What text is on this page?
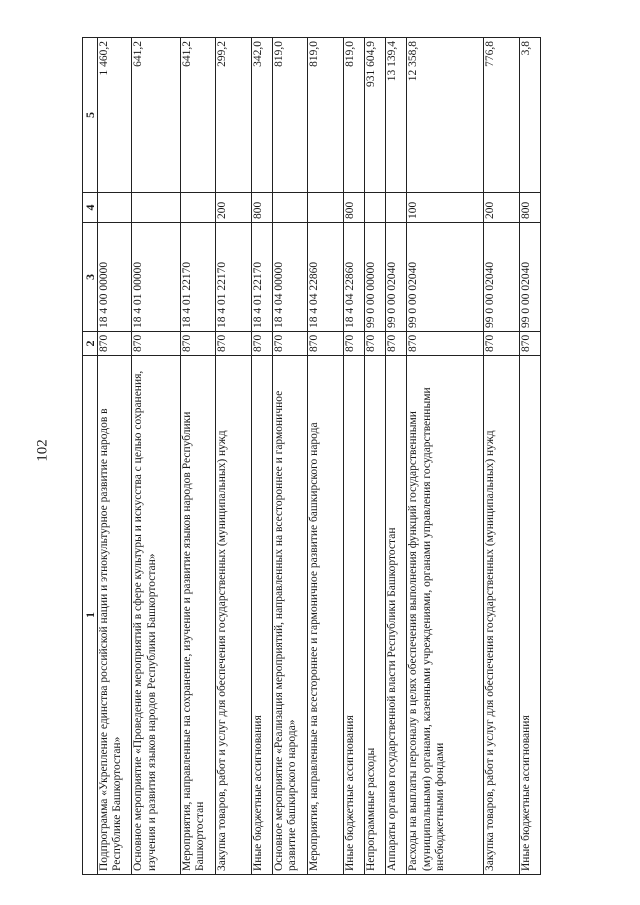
102
1	2	3	4	5
Подпрограмма «Укрепление единства российской нации и этнокультурное развитие народов в Республике Башкортостан»	870	18 4 00 00000		1 460,2
Основное мероприятие «Проведение мероприятий в сфере культуры и искусства с целью сохранения, изучения и развития языков народов Республики Башкортостан»	870	18 4 01 00000		641,2
Мероприятия, направленные на сохранение, изучение и развитие языков народов Республики Башкортостан	870	18 4 01 22170		641,2
Закупка товаров, работ и услуг для обеспечения государственных (муниципальных) нужд	870	18 4 01 22170	200	299,2
Иные бюджетные ассигнования	870	18 4 01 22170	800	342,0
Основное мероприятие «Реализация мероприятий, направленных на всестороннее и гармоничное развитие башкирского народа»	870	18 4 04 00000		819,0
Мероприятия, направленные на всестороннее и гармоничное развитие башкирского народа	870	18 4 04 22860		819,0
Иные бюджетные ассигнования	870	18 4 04 22860	800	819,0
Непрограммные расходы	870	99 0 00 00000		931 604,9
Аппараты органов государственной власти Республики Башкортостан	870	99 0 00 02040		13 139,4
Расходы на выплаты персоналу в целях обеспечения выполнения функций государственными (муниципальными) органами, казенными учреждениями, органами управления государственными внебюджетными фондами	870	99 0 00 02040	100	12 358,8
Закупка товаров, работ и услуг для обеспечения государственных (муниципальных) нужд	870	99 0 00 02040	200	776,8
Иные бюджетные ассигнования	870	99 0 00 02040	800	3,8
